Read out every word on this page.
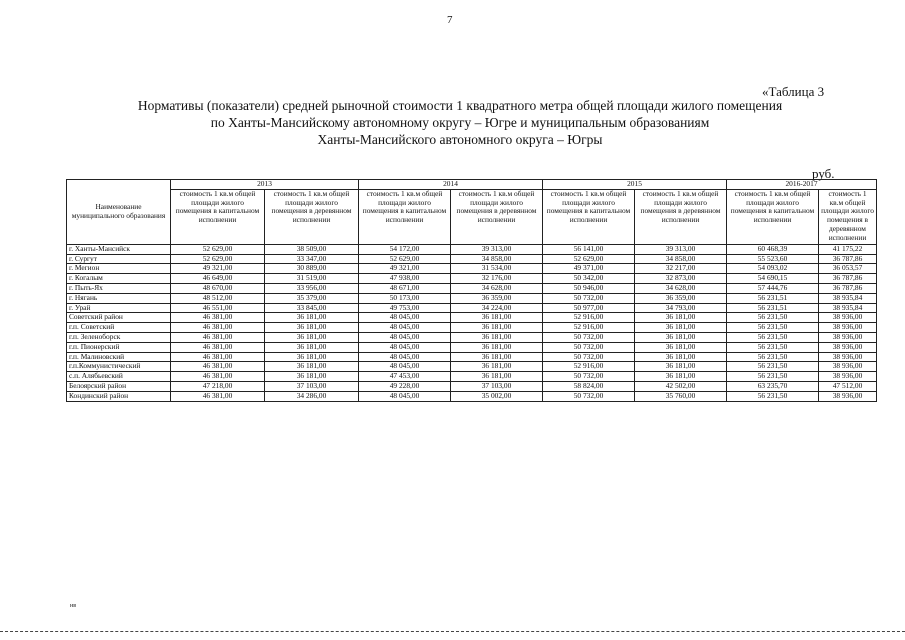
7
«Таблица 3
Нормативы (показатели) средней рыночной стоимости 1 квадратного метра общей площади жилого помещения
по Ханты-Мансийскому автономному округу – Югре и муниципальным образованиям
Ханты-Мансийского автономного округа – Югры
руб.
Наименование муниципального образования	2013		2014		2015		2016-2017	
	стоимость 1 кв.м общей площади жилого помещения в капитальном исполнении	стоимость 1 кв.м общей площади жилого помещения в деревянном исполнении	стоимость 1 кв.м общей площади жилого помещения в капитальном исполнении	стоимость 1 кв.м общей площади жилого помещения в деревянном исполнении	стоимость 1 кв.м общей площади жилого помещения в капитальном исполнении	стоимость 1 кв.м общей площади жилого помещения в деревянном исполнении	стоимость 1 кв.м общей площади жилого помещения в капитальном исполнении	стоимость 1 кв.м общей площади жилого помещения в деревянном исполнении
г. Ханты-Мансийск	52 629,00	38 509,00	54 172,00	39 313,00	56 141,00	39 313,00	60 468,39	41 175,22
г. Сургут	52 629,00	33 347,00	52 629,00	34 858,00	52 629,00	34 858,00	55 523,60	36 787,86
г. Мегион	49 321,00	30 889,00	49 321,00	31 534,00	49 371,00	32 217,00	54 093,02	36 053,57
г. Когалым	46 649,00	31 519,00	47 938,00	32 176,00	50 342,00	32 873,00	54 690,15	36 787,86
г. Пыть-Ях	48 670,00	33 956,00	48 671,00	34 628,00	50 946,00	34 628,00	57 444,76	36 787,86
г. Нягань	48 512,00	35 379,00	50 173,00	36 359,00	50 732,00	36 359,00	56 231,51	38 935,84
г. Урай	46 551,00	33 845,00	49 753,00	34 224,00	50 977,00	34 793,00	56 231,51	38 935,84
Советский район	46 381,00	36 181,00	48 045,00	36 181,00	52 916,00	36 181,00	56 231,50	38 936,00
г.п. Советский	46 381,00	36 181,00	48 045,00	36 181,00	52 916,00	36 181,00	56 231,50	38 936,00
г.п. Зеленоборск	46 381,00	36 181,00	48 045,00	36 181,00	50 732,00	36 181,00	56 231,50	38 936,00
г.п. Пионерский	46 381,00	36 181,00	48 045,00	36 181,00	50 732,00	36 181,00	56 231,50	38 936,00
г.п. Малиновский	46 381,00	36 181,00	48 045,00	36 181,00	50 732,00	36 181,00	56 231,50	38 936,00
г.п.Коммунистический	46 381,00	36 181,00	48 045,00	36 181,00	52 916,00	36 181,00	56 231,50	38 936,00
с.п. Алябьевский	46 381,00	36 181,00	47 453,00	36 181,00	50 732,00	36 181,00	56 231,50	38 936,00
Белоярский район	47 218,00	37 103,00	49 228,00	37 103,00	58 824,00	42 502,00	63 235,70	47 512,00
Кондинский район	46 381,00	34 286,00	48 045,00	35 002,00	50 732,00	35 760,00	56 231,50	38 936,00
нв
